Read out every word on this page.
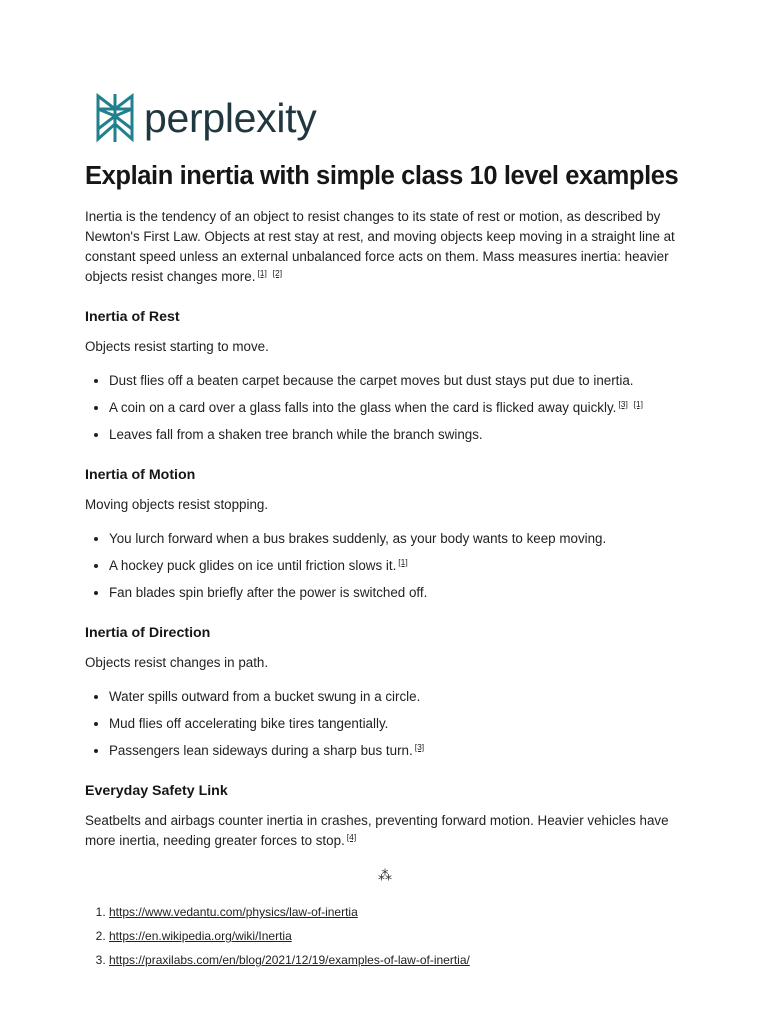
perplexity
Explain inertia with simple class 10 level examples

Inertia is the tendency of an object to resist changes to its state of rest or motion, as described by Newton's First Law. Objects at rest stay at rest, and moving objects keep moving in a straight line at constant speed unless an external unbalanced force acts on them. Mass measures inertia: heavier objects resist changes more. [1] [2]

Inertia of Rest

Objects resist starting to move.

• Dust flies off a beaten carpet because the carpet moves but dust stays put due to inertia.
• A coin on a card over a glass falls into the glass when the card is flicked away quickly. [3] [1]
• Leaves fall from a shaken tree branch while the branch swings.
Inertia of Motion

Moving objects resist stopping.

• You lurch forward when a bus brakes suddenly, as your body wants to keep moving.
• A hockey puck glides on ice until friction slows it. [1]
• Fan blades spin briefly after the power is switched off.
Inertia of Direction

Objects resist changes in path.

• Water spills outward from a bucket swung in a circle.
• Mud flies off accelerating bike tires tangentially.
• Passengers lean sideways during a sharp bus turn. [3]
Everyday Safety Link

Seatbelts and airbags counter inertia in crashes, preventing forward motion. Heavier vehicles have more inertia, needing greater forces to stop. [4]

⁂
1. https://www.vedantu.com/physics/law-of-inertia
2. https://en.wikipedia.org/wiki/Inertia
3. https://praxilabs.com/en/blog/2021/12/19/examples-of-law-of-inertia/
